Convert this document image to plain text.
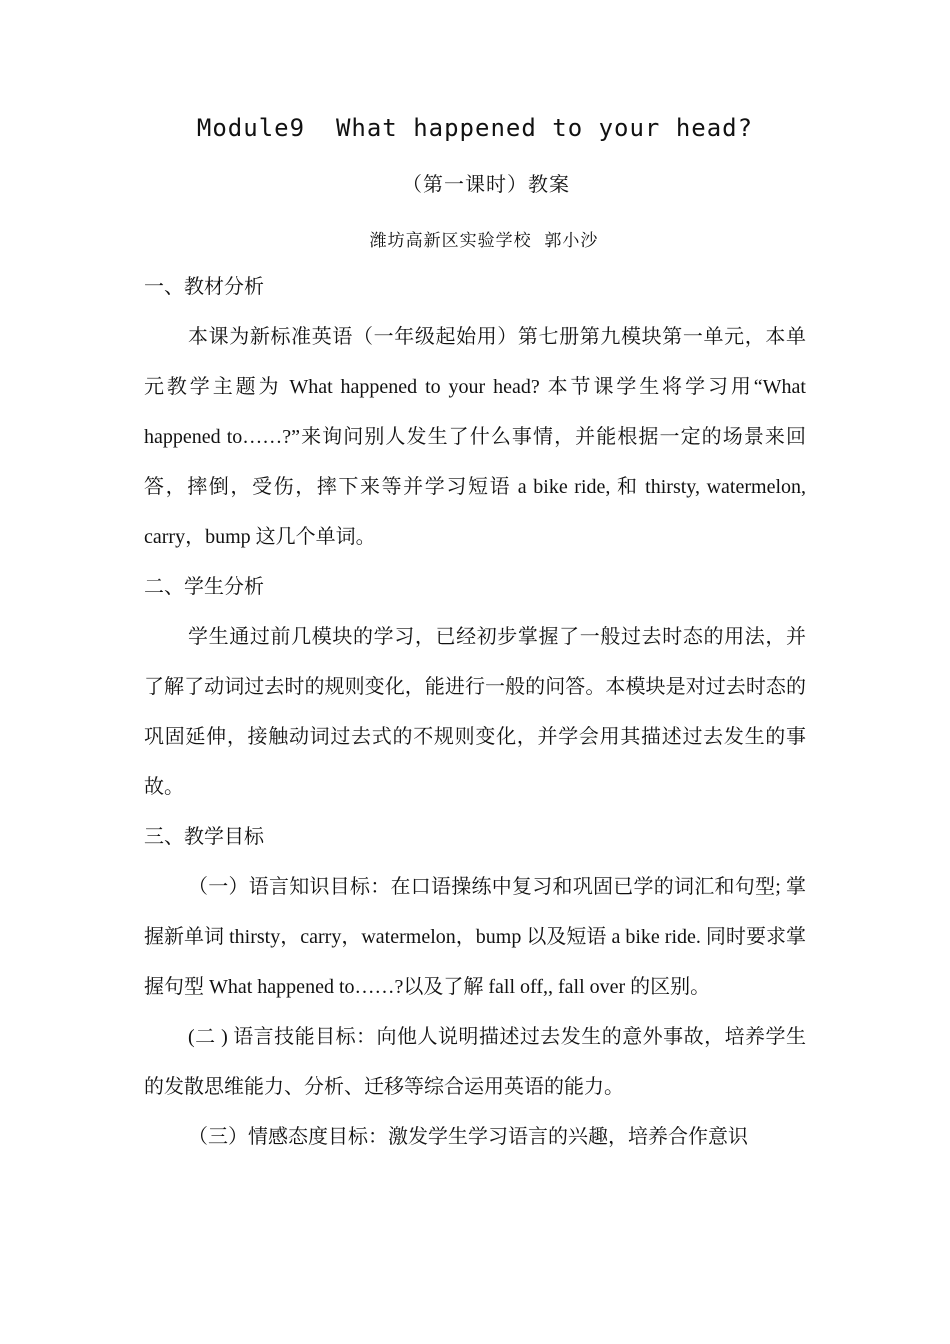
Module9  What happened to your head?
（第一课时）教案
潍坊高新区实验学校  郭小沙

一、教材分析

本课为新标准英语（一年级起始用）第七册第九模块第一单元，本单元教学主题为 What happened to your head? 本节课学生将学习用“What happened to……?”来询问别人发生了什么事情，并能根据一定的场景来回答，摔倒，受伤，摔下来等并学习短语 a bike ride, 和 thirsty, watermelon, carry，bump 这几个单词。

二、学生分析

学生通过前几模块的学习，已经初步掌握了一般过去时态的用法，并了解了动词过去时的规则变化，能进行一般的问答。本模块是对过去时态的巩固延伸，接触动词过去式的不规则变化，并学会用其描述过去发生的事故。

三、教学目标

（一）语言知识目标：在口语操练中复习和巩固已学的词汇和句型; 掌握新单词 thirsty，carry，watermelon，bump 以及短语 a bike ride. 同时要求掌握句型 What happened to……?以及了解 fall off,, fall over 的区别。

(二 ) 语言技能目标：向他人说明描述过去发生的意外事故，培养学生的发散思维能力、分析、迁移等综合运用英语的能力。

（三）情感态度目标：激发学生学习语言的兴趣，培养合作意识
